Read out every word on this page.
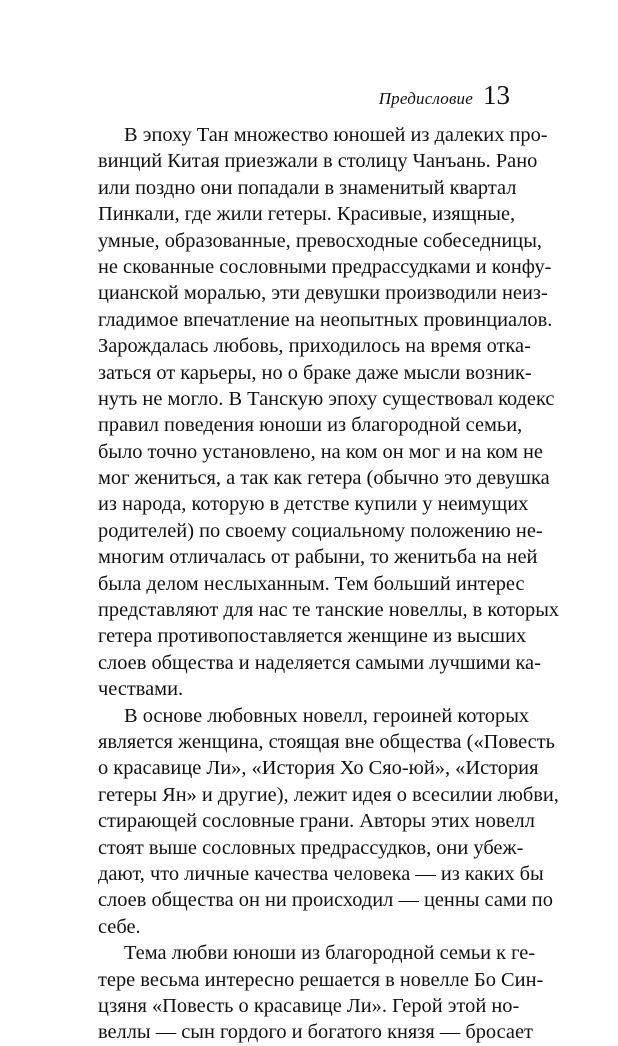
Предисловие 13
В эпоху Тан множество юношей из далеких про-
винций Китая приезжали в столицу Чанъань. Рано
или поздно они попадали в знаменитый квартал
Пинкали, где жили гетеры. Красивые, изящные,
умные, образованные, превосходные собеседницы,
не скованные сословными предрассудками и конфу-
цианской моралью, эти девушки производили неиз-
гладимое впечатление на неопытных провинциалов.
Зарождалась любовь, приходилось на время отка-
заться от карьеры, но о браке даже мысли возник-
нуть не могло. В Танскую эпоху существовал кодекс
правил поведения юноши из благородной семьи,
было точно установлено, на ком он мог и на ком не
мог жениться, а так как гетера (обычно это девушка
из народа, которую в детстве купили у неимущих
родителей) по своему социальному положению не-
многим отличалась от рабыни, то женитьба на ней
была делом неслыханным. Тем больший интерес
представляют для нас те танские новеллы, в которых
гетера противопоставляется женщине из высших
слоев общества и наделяется самыми лучшими ка-
чествами.
В основе любовных новелл, героиней которых
является женщина, стоящая вне общества («Повесть
о красавице Ли», «История Хо Сяо-юй», «История
гетеры Ян» и другие), лежит идея о всесилии любви,
стирающей сословные грани. Авторы этих новелл
стоят выше сословных предрассудков, они убеж-
дают, что личные качества человека — из каких бы
слоев общества он ни происходил — ценны сами по
себе.
Тема любви юноши из благородной семьи к ге-
тере весьма интересно решается в новелле Бо Син-
цзяня «Повесть о красавице Ли». Герой этой но-
веллы — сын гордого и богатого князя — бросает
